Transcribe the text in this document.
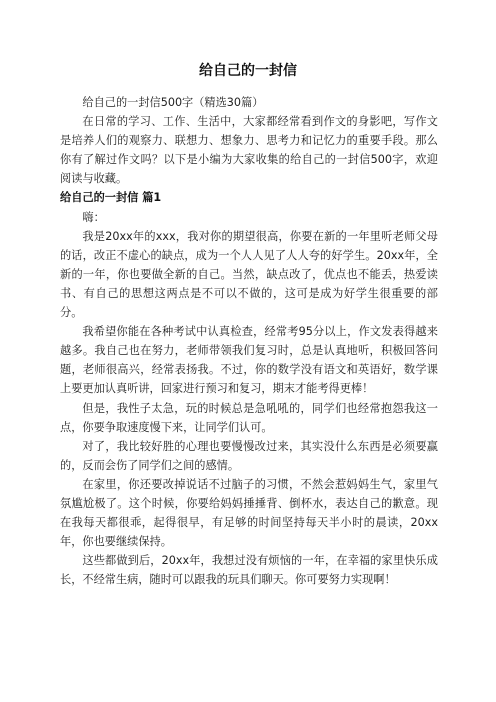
给自己的一封信

给自己的一封信500字（精选30篇）

在日常的学习、工作、生活中，大家都经常看到作文的身影吧，写作文是培养人们的观察力、联想力、想象力、思考力和记忆力的重要手段。那么你有了解过作文吗？以下是小编为大家收集的给自己的一封信500字，欢迎阅读与收藏。

给自己的一封信 篇1

嗨：

我是20xx年的xxx，我对你的期望很高，你要在新的一年里听老师父母的话，改正不虚心的缺点，成为一个人人见了人人夸的好学生。20xx年，全新的一年，你也要做全新的自己。当然，缺点改了，优点也不能丢，热爱读书、有自己的思想这两点是不可以不做的，这可是成为好学生很重要的部分。

我希望你能在各种考试中认真检查，经常考95分以上，作文发表得越来越多。我自己也在努力，老师带领我们复习时，总是认真地听，积极回答问题，老师很高兴，经常表扬我。不过，你的数学没有语文和英语好，数学课上要更加认真听讲，回家进行预习和复习，期末才能考得更棒！

但是，我性子太急，玩的时候总是急吼吼的，同学们也经常抱怨我这一点，你要争取速度慢下来，让同学们认可。

对了，我比较好胜的心理也要慢慢改过来，其实没什么东西是必须要赢的，反而会伤了同学们之间的感情。

在家里，你还要改掉说话不过脑子的习惯，不然会惹妈妈生气，家里气氛尴尬极了。这个时候，你要给妈妈捶捶背、倒杯水，表达自己的歉意。现在我每天都很乖，起得很早，有足够的时间坚持每天半小时的晨读，20xx年，你也要继续保持。

这些都做到后，20xx年，我想过没有烦恼的一年，在幸福的家里快乐成长，不经常生病，随时可以跟我的玩具们聊天。你可要努力实现啊！
